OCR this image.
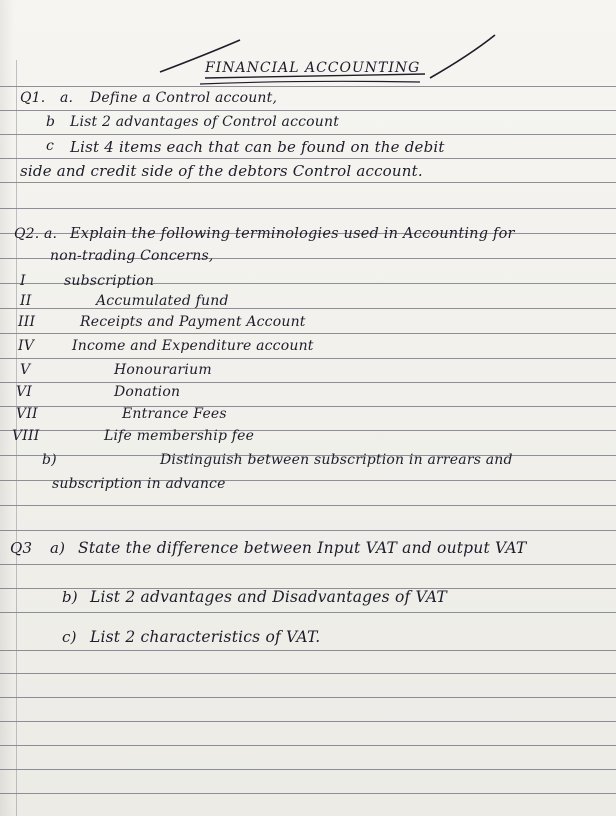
FINANCIAL ACCOUNTING
Q1. a. Define a Control account,
b List 2 advantages of Control account
c List 4 items each that can be found on the debit
side and credit side of the debtors Control account.
Q2. a. Explain the following terminologies used in Accounting for
non-trading Concerns,
I	subscription
II	Accumulated fund
III	Receipts and Payment Account
IV	Income and Expenditure account
V	Honourarium
VI	Donation
VII	Entrance Fees
VIII	Life membership fee
b)	Distinguish between subscription in arrears and
subscription in advance
Q3 a) State the difference between Input VAT and output VAT
b) List 2 advantages and Disadvantages of VAT
c) List 2 characteristics of VAT.
